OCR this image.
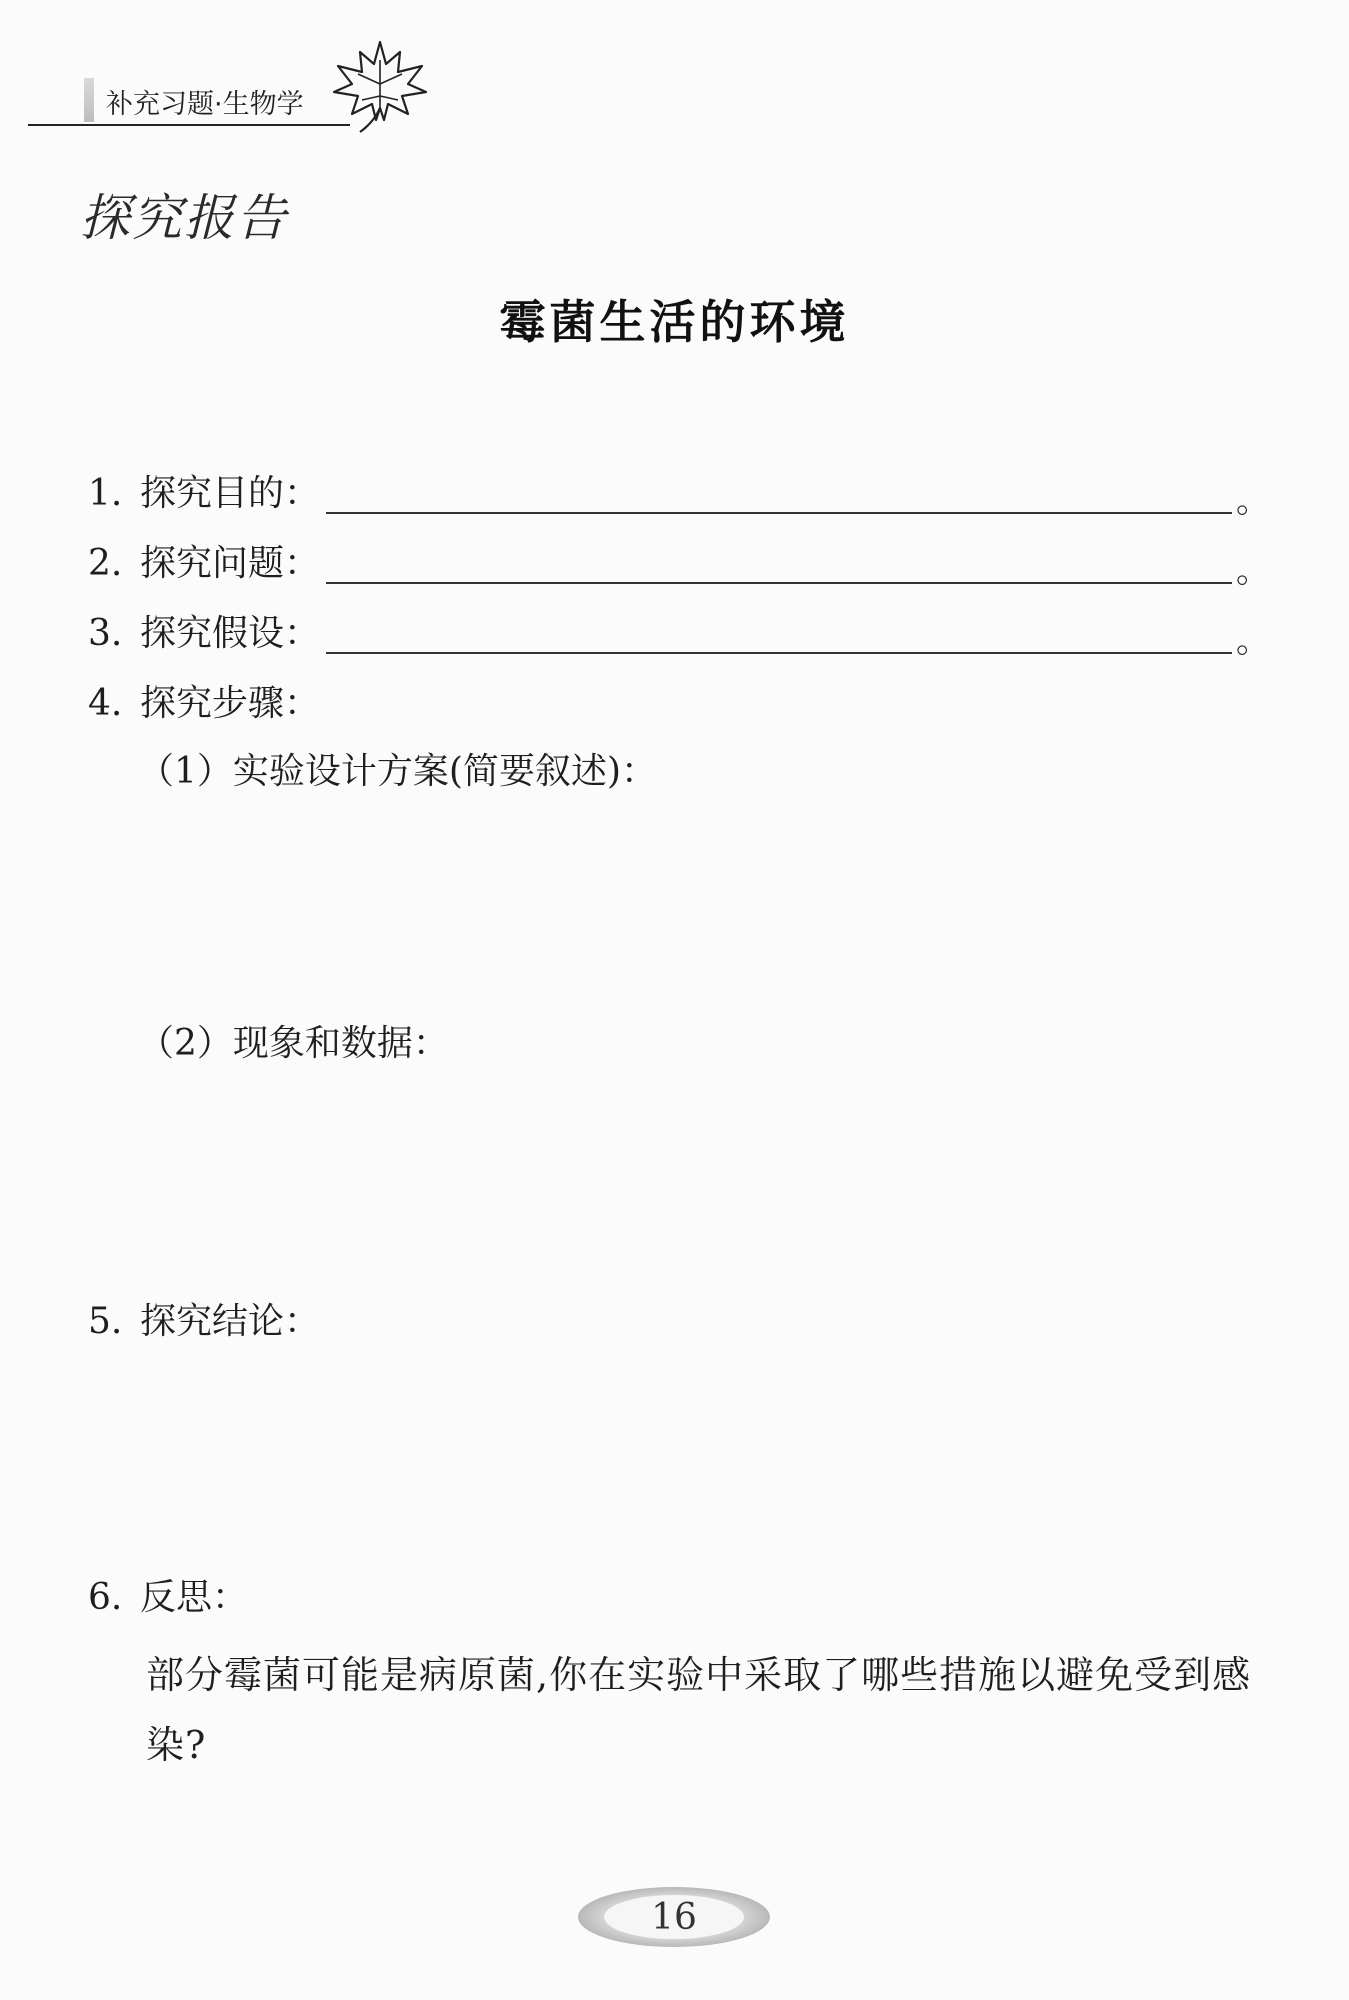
补充习题·生物学
探究报告
霉菌生活的环境
1. 探究目的：	。
2. 探究问题：	。
3. 探究假设：	。
4. 探究步骤：
（1）实验设计方案(简要叙述)：
（2）现象和数据：
5. 探究结论：
6. 反思：
部分霉菌可能是病原菌,你在实验中采取了哪些措施以避免受到感染?
16
